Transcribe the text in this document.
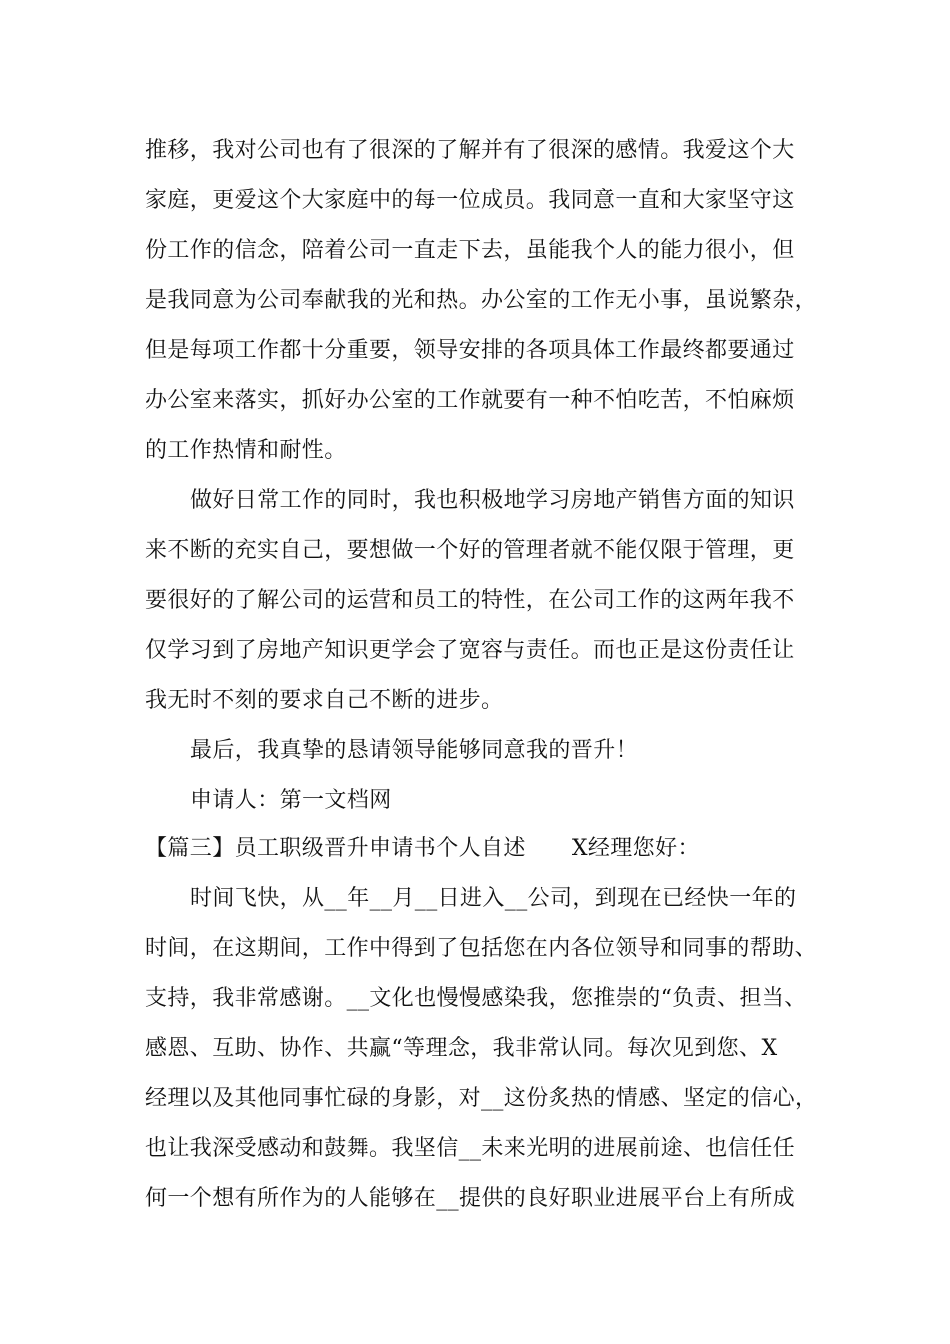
推移，我对公司也有了很深的了解并有了很深的感情。我爱这个大
家庭，更爱这个大家庭中的每一位成员。我同意一直和大家坚守这
份工作的信念，陪着公司一直走下去，虽能我个人的能力很小，但
是我同意为公司奉献我的光和热。办公室的工作无小事，虽说繁杂，
但是每项工作都十分重要，领导安排的各项具体工作最终都要通过
办公室来落实，抓好办公室的工作就要有一种不怕吃苦，不怕麻烦
的工作热情和耐性。
做好日常工作的同时，我也积极地学习房地产销售方面的知识
来不断的充实自己，要想做一个好的管理者就不能仅限于管理，更
要很好的了解公司的运营和员工的特性，在公司工作的这两年我不
仅学习到了房地产知识更学会了宽容与责任。而也正是这份责任让
我无时不刻的要求自己不断的进步。
最后，我真挚的恳请领导能够同意我的晋升！
申请人：第一文档网
【篇三】员工职级晋升申请书个人自述 X经理您好：
时间飞快，从__年__月__日进入__公司，到现在已经快一年的
时间，在这期间，工作中得到了包括您在内各位领导和同事的帮助、
支持，我非常感谢。__文化也慢慢感染我，您推崇的“负责、担当、
感恩、互助、协作、共赢“等理念，我非常认同。每次见到您、X
经理以及其他同事忙碌的身影，对__这份炙热的情感、坚定的信心，
也让我深受感动和鼓舞。我坚信__未来光明的进展前途、也信任任
何一个想有所作为的人能够在__提供的良好职业进展平台上有所成
